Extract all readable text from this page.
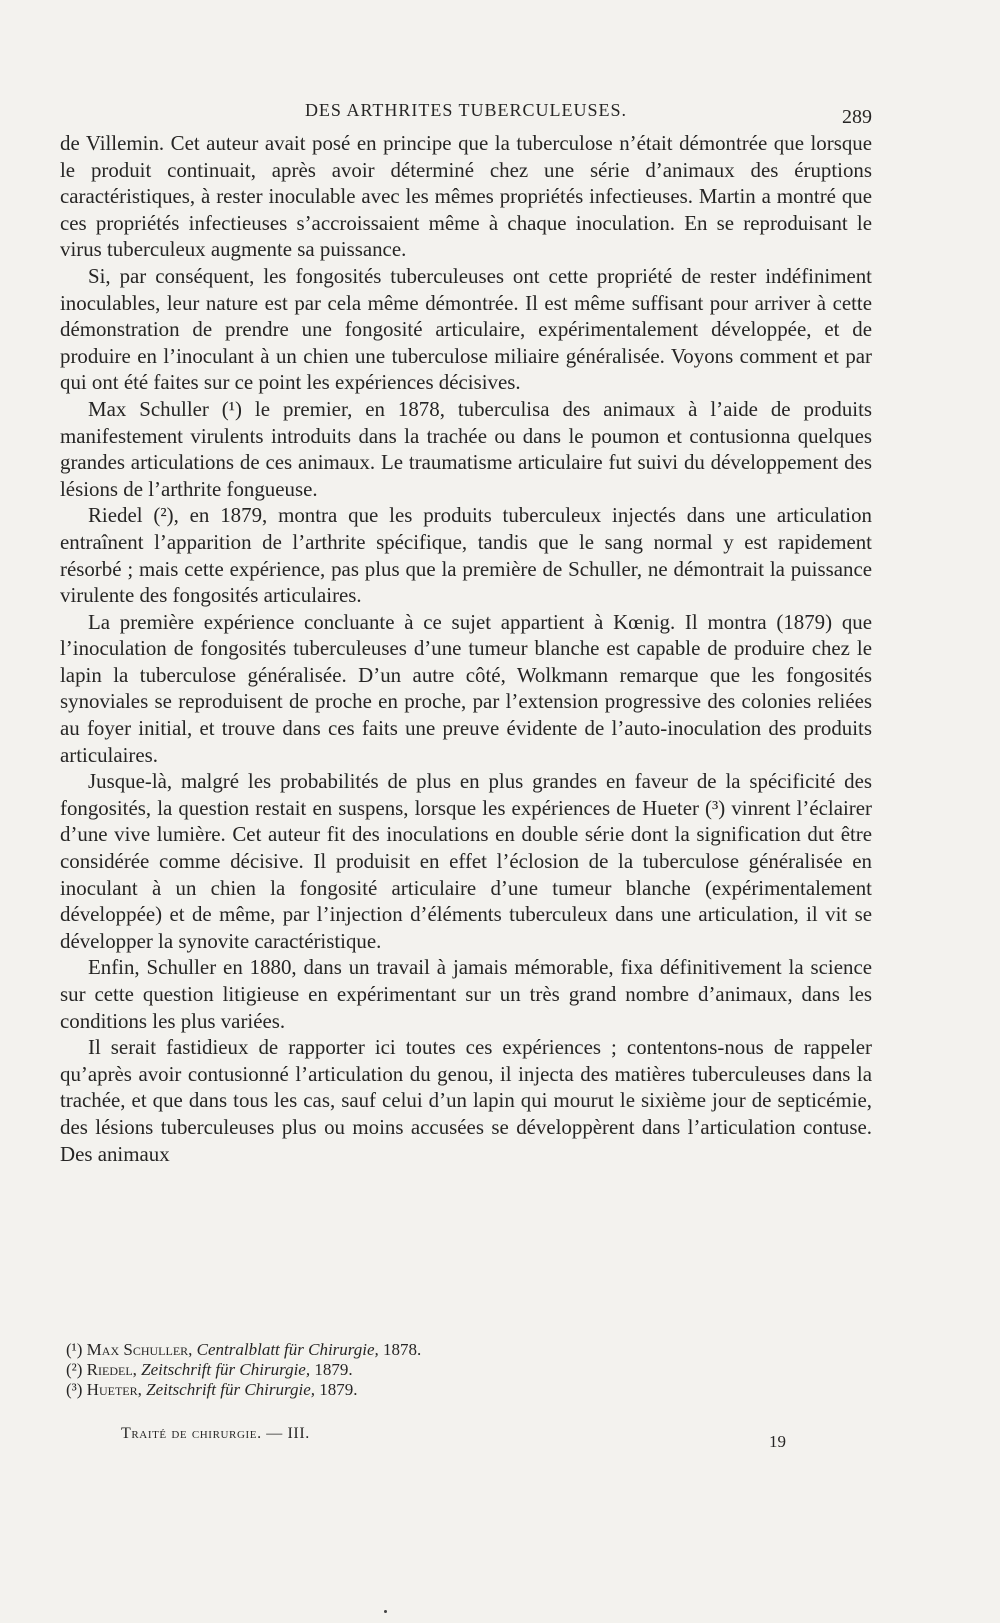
DES ARTHRITES TUBERCULEUSES.	289

de Villemin. Cet auteur avait posé en principe que la tuberculose n’était démontrée que lorsque le produit continuait, après avoir déterminé chez une série d’animaux des éruptions caractéristiques, à rester inoculable avec les mêmes propriétés infectieuses. Martin a montré que ces propriétés infectieuses s’accroissaient même à chaque inoculation. En se reproduisant le virus tuberculeux augmente sa puissance.

Si, par conséquent, les fongosités tuberculeuses ont cette propriété de rester indéfiniment inoculables, leur nature est par cela même démontrée. Il est même suffisant pour arriver à cette démonstration de prendre une fongosité articulaire, expérimentalement développée, et de produire en l’inoculant à un chien une tuberculose miliaire généralisée. Voyons comment et par qui ont été faites sur ce point les expériences décisives.

Max Schuller (¹) le premier, en 1878, tuberculisa des animaux à l’aide de produits manifestement virulents introduits dans la trachée ou dans le poumon et contusionna quelques grandes articulations de ces animaux. Le traumatisme articulaire fut suivi du développement des lésions de l’arthrite fongueuse.

Riedel (²), en 1879, montra que les produits tuberculeux injectés dans une articulation entraînent l’apparition de l’arthrite spécifique, tandis que le sang normal y est rapidement résorbé ; mais cette expérience, pas plus que la première de Schuller, ne démontrait la puissance virulente des fongosités articulaires.

La première expérience concluante à ce sujet appartient à Kœnig. Il montra (1879) que l’inoculation de fongosités tuberculeuses d’une tumeur blanche est capable de produire chez le lapin la tuberculose généralisée. D’un autre côté, Wolkmann remarque que les fongosités synoviales se reproduisent de proche en proche, par l’extension progressive des colonies reliées au foyer initial, et trouve dans ces faits une preuve évidente de l’auto-inoculation des produits articulaires.

Jusque-là, malgré les probabilités de plus en plus grandes en faveur de la spécificité des fongosités, la question restait en suspens, lorsque les expériences de Hueter (³) vinrent l’éclairer d’une vive lumière. Cet auteur fit des inoculations en double série dont la signification dut être considérée comme décisive. Il produisit en effet l’éclosion de la tuberculose généralisée en inoculant à un chien la fongosité articulaire d’une tumeur blanche (expérimentalement développée) et de même, par l’injection d’éléments tuberculeux dans une articulation, il vit se développer la synovite caractéristique.

Enfin, Schuller en 1880, dans un travail à jamais mémorable, fixa définitivement la science sur cette question litigieuse en expérimentant sur un très grand nombre d’animaux, dans les conditions les plus variées.

Il serait fastidieux de rapporter ici toutes ces expériences ; contentons-nous de rappeler qu’après avoir contusionné l’articulation du genou, il injecta des matières tuberculeuses dans la trachée, et que dans tous les cas, sauf celui d’un lapin qui mourut le sixième jour de septicémie, des lésions tuberculeuses plus ou moins accusées se développèrent dans l’articulation contuse. Des animaux

(¹) Max Schuller, Centralblatt für Chirurgie, 1878.

(²) Riedel, Zeitschrift für Chirurgie, 1879.

(³) Hueter, Zeitschrift für Chirurgie, 1879.

Traité de chirurgie. — III.	19
